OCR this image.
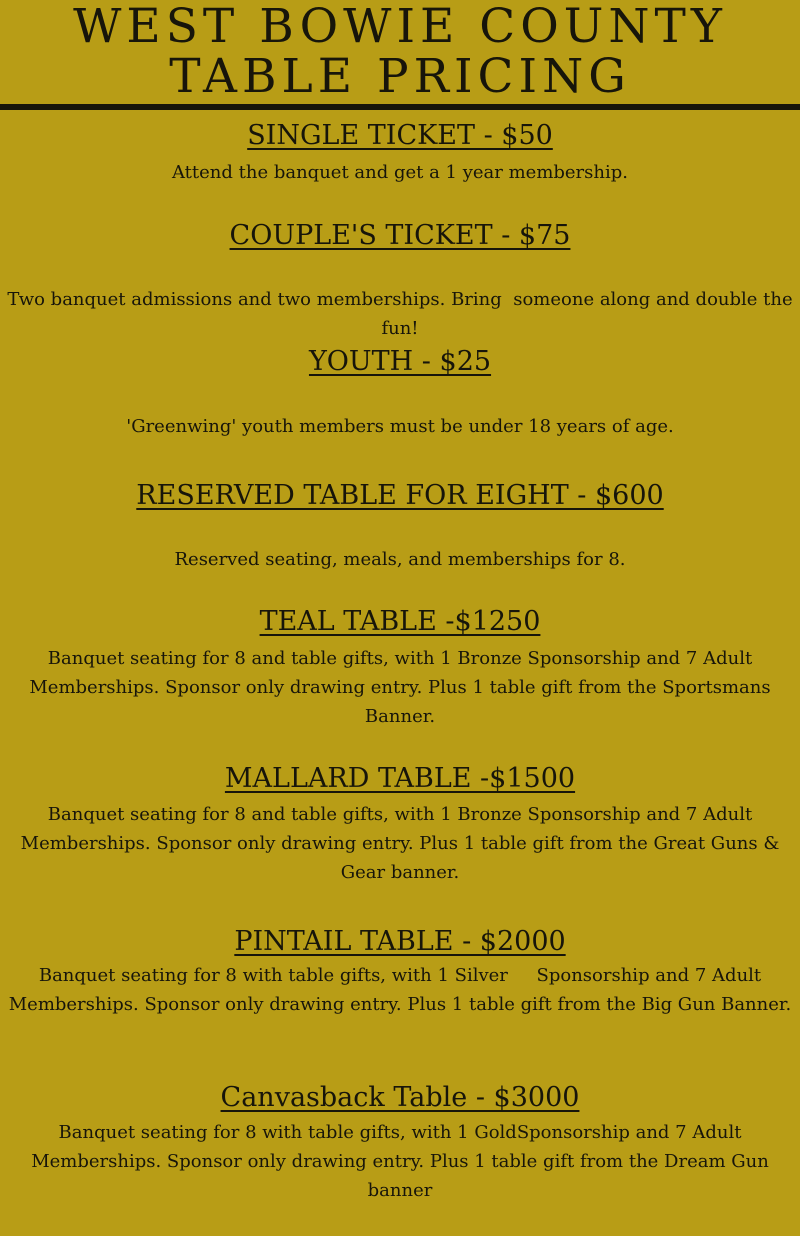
WEST BOWIE COUNTY
TABLE PRICING
SINGLE TICKET - $50
Attend the banquet and get a 1 year membership.
COUPLE'S TICKET - $75
Two banquet admissions and two memberships. Bring  someone along and double the fun!
YOUTH - $25
'Greenwing' youth members must be under 18 years of age.
RESERVED TABLE FOR EIGHT - $600
Reserved seating, meals, and memberships for 8.
TEAL TABLE -$1250
Banquet seating for 8 and table gifts, with 1 Bronze Sponsorship and 7 Adult Memberships. Sponsor only drawing entry. Plus 1 table gift from the Sportsmans Banner.
MALLARD TABLE -$1500
Banquet seating for 8 and table gifts, with 1 Bronze Sponsorship and 7 Adult Memberships. Sponsor only drawing entry. Plus 1 table gift from the Great Guns & Gear banner.
PINTAIL TABLE - $2000
Banquet seating for 8 with table gifts, with 1 Silver     Sponsorship and 7 Adult Memberships. Sponsor only drawing entry. Plus 1 table gift from the Big Gun Banner.
Canvasback Table - $3000
Banquet seating for 8 with table gifts, with 1 GoldSponsorship and 7 Adult Memberships. Sponsor only drawing entry. Plus 1 table gift from the Dream Gun banner
